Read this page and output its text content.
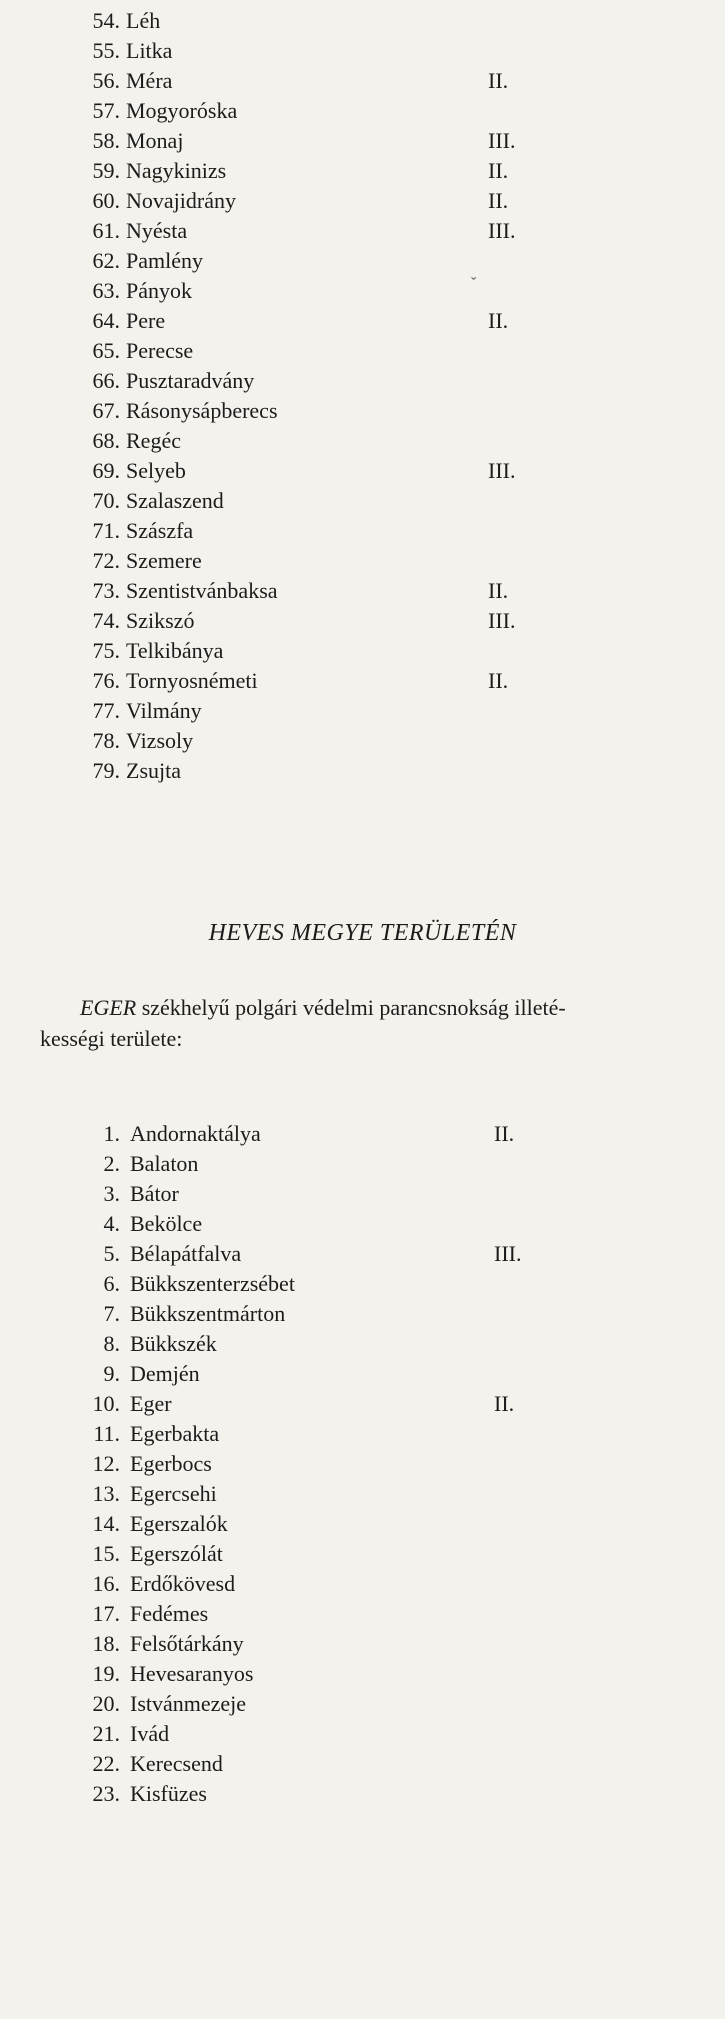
54. Léh
55. Litka
56. Méra	II.
57. Mogyoróska
58. Monaj	III.
59. Nagykinizs	II.
60. Novajidrány	II.
61. Nyésta	III.
62. Pamlény
63. Pányok
64. Pere	II.
65. Perecse
66. Pusztaradvány
67. Rásonysápberecs
68. Regéc
69. Selyeb	III.
70. Szalaszend
71. Szászfa
72. Szemere
73. Szentistvánbaksa	II.
74. Szikszó	III.
75. Telkibánya
76. Tornyosnémeti	II.
77. Vilmány
78. Vizsoly
79. Zsujta
ˬ
HEVES MEGYE TERÜLETÉN
EGER székhelyű polgári védelmi parancsnokság illeté-
kességi területe:
1. Andornaktálya	II.
2. Balaton
3. Bátor
4. Bekölce
5. Bélapátfalva	III.
6. Bükkszenterzsébet
7. Bükkszentmárton
8. Bükkszék
9. Demjén
10. Eger	II.
11. Egerbakta
12. Egerbocs
13. Egercsehi
14. Egerszalók
15. Egerszólát
16. Erdőkövesd
17. Fedémes
18. Felsőtárkány
19. Hevesaranyos
20. Istvánmezeje
21. Ivád
22. Kerecsend
23. Kisfüzes
